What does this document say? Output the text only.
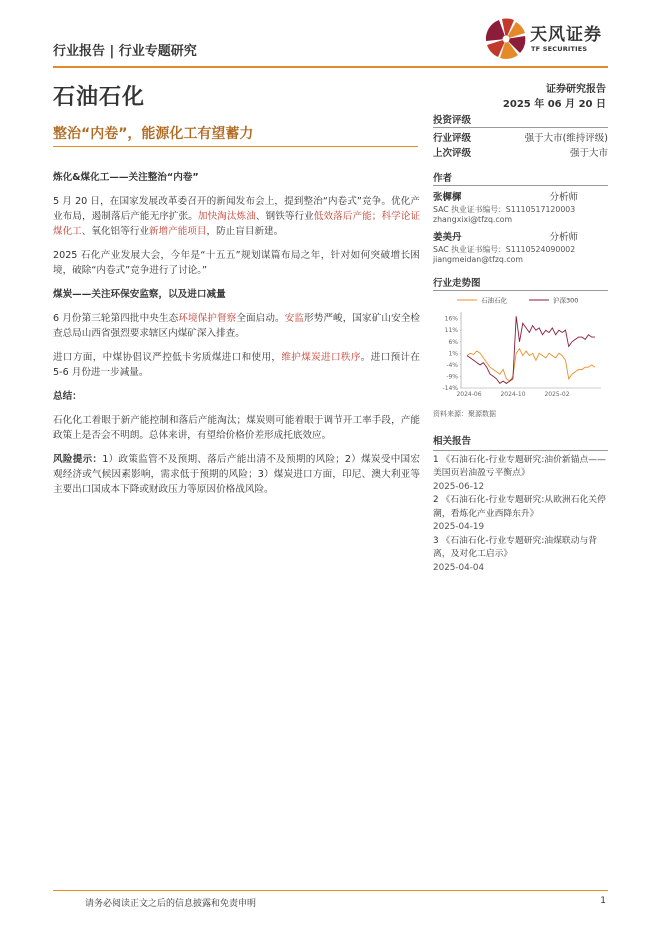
行业报告 | 行业专题研究
天风证券
TF SECURITIES
石油石化	证券研究报告
2025 年 06 月 20 日
整治“内卷”，能源化工有望蓄力
炼化&煤化工——关注整治“内卷”

5 月 20 日，在国家发展改革委召开的新闻发布会上，提到整治“内卷式”竞争。优化产业布局，遏制落后产能无序扩张。加快淘汰炼油、钢铁等行业低效落后产能；科学论证煤化工、氧化铝等行业新增产能项目，防止盲目新建。

2025 石化产业发展大会，今年是“十五五”规划谋篇布局之年，针对如何突破增长困境，破除“内卷式”竞争进行了讨论。”

煤炭——关注环保安监察，以及进口减量

6 月份第三轮第四批中央生态环境保护督察全面启动。安监形势严峻，国家矿山安全检查总局山西省强烈要求辖区内煤矿深入排查。

进口方面，中煤协倡议严控低卡劣质煤进口和使用，维护煤炭进口秩序。进口预计在 5-6 月份进一步减量。

总结：

石化化工着眼于新产能控制和落后产能淘汰；煤炭则可能着眼于调节开工率手段，产能政策上是否会不明朗。总体来讲，有望给价格价差形成托底效应。

风险提示：1）政策监管不及预期、落后产能出清不及预期的风险；2）煤炭受中国宏观经济或气候因素影响，需求低于预期的风险；3）煤炭进口方面，印尼、澳大利亚等主要出口国成本下降或财政压力等原因价格战风险。

投资评级
行业评级	强于大市(维持评级)
上次评级	强于大市
作者
张樨樨	分析师
SAC 执业证书编号：S1110517120003
zhangxixi@tfzq.com
姜美丹	分析师
SAC 执业证书编号：S1110524090002
jiangmeidan@tfzq.com
行业走势图
石油石化	沪深300
16%
11%
6%
1%
-4%
-9%
-14%
2024-06	2024-10	2025-02
资料来源：聚源数据
相关报告
1 《石油石化-行业专题研究:油价新锚点——美国页岩油盈亏平衡点》
2025-06-12
2 《石油石化-行业专题研究:从欧洲石化关停潮，看炼化产业西降东升》
2025-04-19
3 《石油石化-行业专题研究:油煤联动与背离，及对化工启示》
2025-04-04
请务必阅读正文之后的信息披露和免责申明	1
